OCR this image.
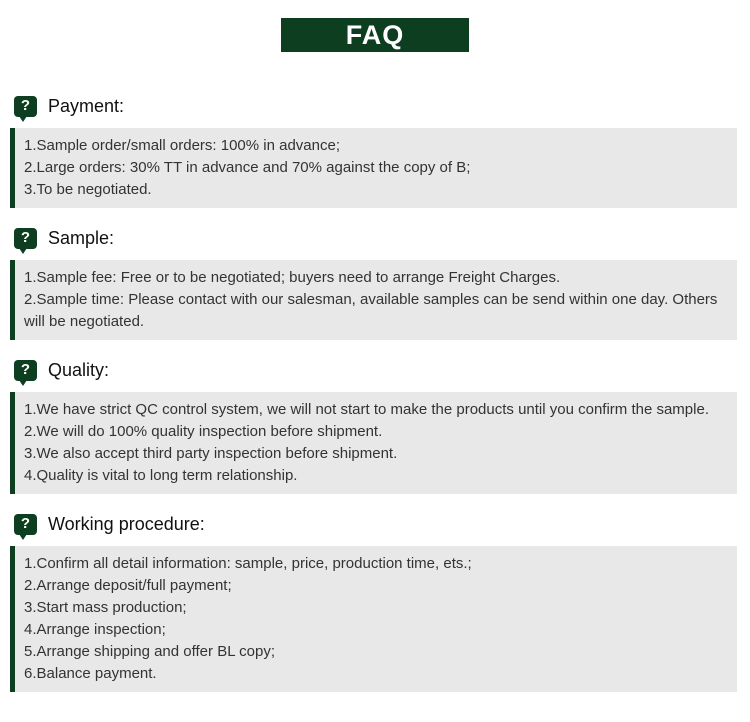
FAQ
? Payment:
1.Sample order/small orders: 100% in advance;
2.Large orders: 30% TT in advance and 70% against the copy of B;
3.To be negotiated.
? Sample:
1.Sample fee: Free or to be negotiated; buyers need to arrange Freight Charges.
2.Sample time: Please contact with our salesman, available samples can be send within one day. Others will be negotiated.
? Quality:
1.We have strict QC control system, we will not start to make the products until you confirm the sample.
2.We will do 100% quality inspection before shipment.
3.We also accept third party inspection before shipment.
4.Quality is vital to long term relationship.
? Working procedure:
1.Confirm all detail information: sample, price, production time, ets.;
2.Arrange deposit/full payment;
3.Start mass production;
4.Arrange inspection;
5.Arrange shipping and offer BL copy;
6.Balance payment.
